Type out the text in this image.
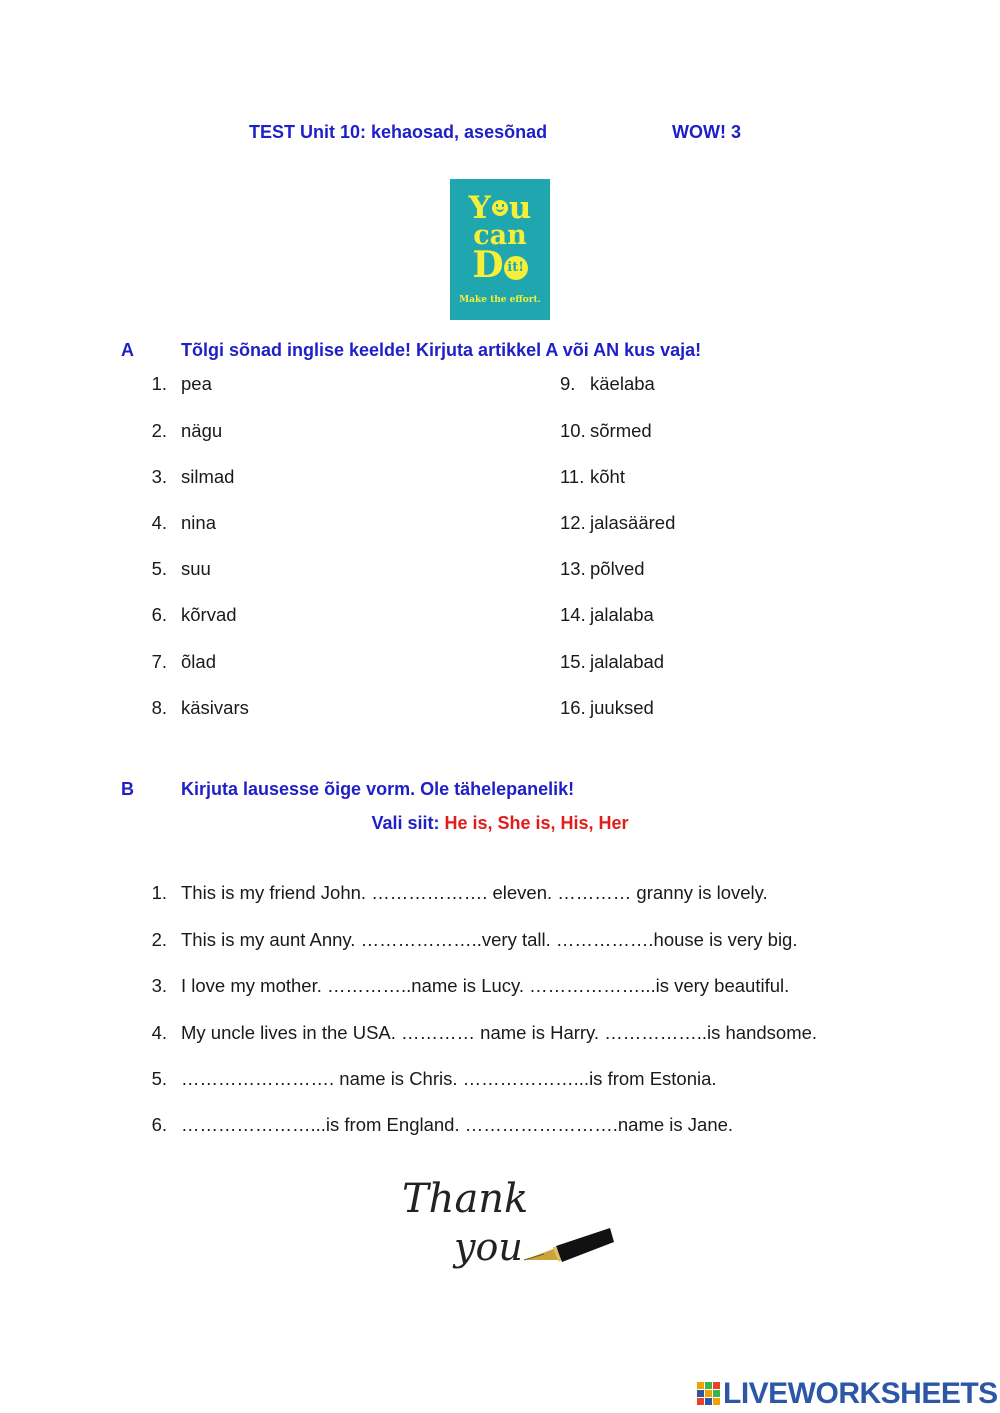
TEST Unit 10: kehaosad, asesõnad	WOW! 3
Y u
can
D it!
Make the effort.
A	Tõlgi sõnad inglise keelde! Kirjuta artikkel A või AN kus vaja!
1. pea
2. nägu
3. silmad
4. nina
5. suu
6. kõrvad
7. õlad
8. käsivars
9. käelaba
10. sõrmed
11. kõht
12. jalasääred
13. põlved
14. jalalaba
15. jalalabad
16. juuksed
B	Kirjuta lausesse õige vorm. Ole tähelepanelik!
Vali siit: He is, She is, His, Her
1. This is my friend John. ………………. eleven. ………… granny is lovely.
2. This is my aunt Anny. ………………..very tall. …………….house is very big.
3. I love my mother. …………..name is Lucy. ………………...is very beautiful.
4. My uncle lives in the USA. ………… name is Harry. ……………..is handsome.
5. ……………………. name is Chris. ………………...is from Estonia.
6. …………………...is from England. …………………….name is Jane.
Thank
you
LIVEWORKSHEETS
